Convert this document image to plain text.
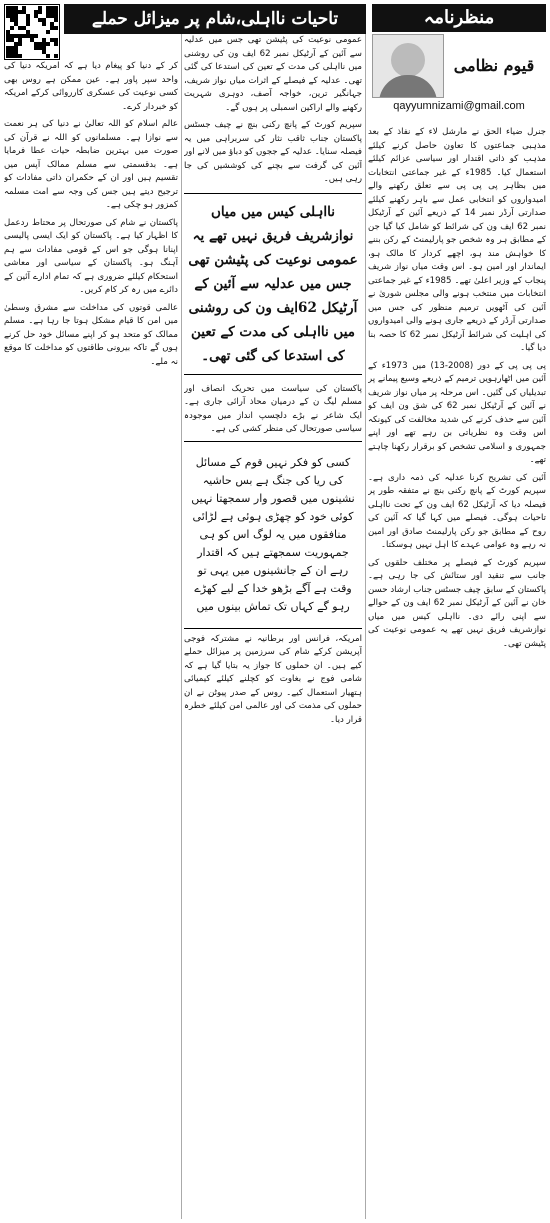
منظرنامہ
قیوم نظامی
qayyumnizami@gmail.com
تاحیات نااہلی،شام پر میزائل حملے

جنرل ضیاء الحق نے مارشل لاء کے نفاذ کے بعد مذہبی جماعتوں کا تعاون حاصل کرنے کیلئے مذہب کو ذاتی اقتدار اور سیاسی عزائم کیلئے استعمال کیا۔ 1985ء کے غیر جماعتی انتخابات میں بظاہر پی پی پی سے تعلق رکھنے والے امیدواروں کو انتخابی عمل سے باہر رکھنے کیلئے صدارتی آرڈر نمبر 14 کے ذریعے آئین کے آرٹیکل نمبر 62 ایف ون کی شرائط کو شامل کیا گیا جن کے مطابق ہر وہ شخص جو پارلیمنٹ کے رکن بننے کا خواہش مند ہو، اچھے کردار کا مالک ہو، ایماندار اور امین ہو۔ اس وقت میاں نواز شریف پنجاب کے وزیر اعلیٰ تھے۔ 1985ء کے غیر جماعتی انتخابات میں منتخب ہونے والی مجلس شوریٰ نے آئین کی آٹھویں ترمیم منظور کی جس میں صدارتی آرڈر کے ذریعے جاری ہونے والی امیدواروں کی اہلیت کی شرائط آرٹیکل نمبر 62 کا حصہ بنا دیا گیا۔

پی پی پی کے دور (2008-13) میں 1973ء کے آئین میں اٹھارہویں ترمیم کے ذریعے وسیع پیمانے پر تبدیلیاں کی گئیں۔ اس مرحلہ پر میاں نواز شریف نے آئین کے آرٹیکل نمبر 62 کی شق ون ایف کو آئین سے حذف کرنے کی شدید مخالفت کی کیونکہ اس وقت وہ نظریاتی بن رہے تھے اور اپنے جمہوری و اسلامی تشخص کو برقرار رکھنا چاہتے تھے۔

آئین کی تشریح کرنا عدلیہ کی ذمہ داری ہے۔ سپریم کورٹ کے پانچ رکنی بنچ نے متفقہ طور پر فیصلہ دیا کہ آرٹیکل 62 ایف ون کے تحت نااہلی تاحیات ہوگی۔ فیصلے میں کہا گیا کہ آئین کی روح کے مطابق جو رکن پارلیمنٹ صادق اور امین نہ رہے وہ عوامی عہدے کا اہل نہیں ہوسکتا۔

سپریم کورٹ کے فیصلے پر مختلف حلقوں کی جانب سے تنقید اور ستائش کی جا رہی ہے۔ پاکستان کے سابق چیف جسٹس جناب ارشاد حسن خان نے آئین کے آرٹیکل نمبر 62 ایف ون کے حوالے سے اپنی رائے دی۔ نااہلی کیس میں میاں نوازشریف فریق نہیں تھے یہ عمومی نوعیت کی پٹیشن تھی۔

عمومی نوعیت کی پٹیشن تھی جس میں عدلیہ سے آئین کے آرٹیکل نمبر 62 ایف ون کی روشنی میں نااہلی کی مدت کے تعین کی استدعا کی گئی تھی۔ عدلیہ کے فیصلے کے اثرات میاں نواز شریف، جہانگیر ترین، خواجہ آصف، دوہری شہریت رکھنے والے اراکین اسمبلی پر ہوں گے۔

سپریم کورٹ کے پانچ رکنی بنچ نے چیف جسٹس پاکستان جناب ثاقب نثار کی سربراہی میں یہ فیصلہ سنایا۔ عدلیہ کے ججوں کو دباؤ میں لانے اور آئین کی گرفت سے بچنے کی کوششیں کی جا رہی ہیں۔

نااہلی کیس میں میاں نوازشریف فریق نہیں تھے یہ عمومی نوعیت کی پٹیشن تھی جس میں عدلیہ سے آئین کے آرٹیکل 62ایف ون کی روشنی میں نااہلی کی مدت کے تعین کی استدعا کی گئی تھی۔

پاکستان کی سیاست میں تحریک انصاف اور مسلم لیگ ن کے درمیان محاذ آرائی جاری ہے۔ ایک شاعر نے بڑے دلچسپ انداز میں موجودہ سیاسی صورتحال کی منظر کشی کی ہے۔

کسی کو فکر نہیں قوم کے مسائل کی ریا کی جنگ ہے بس حاشیہ نشینوں میں قصور وار سمجھتا نہیں کوئی خود کو چھڑی ہوئی ہے لڑائی منافقوں میں یہ لوگ اس کو ہی جمہوریت سمجھتے ہیں کہ اقتدار رہے ان کے جانشینوں میں یہی تو وقت ہے آگے بڑھو خدا کے لیے کھڑے رہو گے کہاں تک تماش بینوں میں

امریکہ، فرانس اور برطانیہ نے مشترکہ فوجی آپریشن کرکے شام کی سرزمین پر میزائل حملے کیے ہیں۔ ان حملوں کا جواز یہ بتایا گیا ہے کہ شامی فوج نے بغاوت کو کچلنے کیلئے کیمیائی ہتھیار استعمال کیے۔ روس کے صدر پیوٹن نے ان حملوں کی مذمت کی اور عالمی امن کیلئے خطرہ قرار دیا۔

کر کے دنیا کو پیغام دیا ہے کہ امریکہ دنیا کی واحد سپر پاور ہے۔ عین ممکن ہے روس بھی کسی نوعیت کی عسکری کارروائی کرکے امریکہ کو خبردار کرے۔

عالم اسلام کو اللہ تعالیٰ نے دنیا کی ہر نعمت سے نوازا ہے۔ مسلمانوں کو اللہ نے قرآن کی صورت میں بہترین ضابطہ حیات عطا فرمایا ہے۔ بدقسمتی سے مسلم ممالک آپس میں تقسیم ہیں اور ان کے حکمران ذاتی مفادات کو ترجیح دیتے ہیں جس کی وجہ سے امت مسلمہ کمزور ہو چکی ہے۔

پاکستان نے شام کی صورتحال پر محتاط ردعمل کا اظہار کیا ہے۔ پاکستان کو ایک ایسی پالیسی اپنانا ہوگی جو اس کے قومی مفادات سے ہم آہنگ ہو۔ پاکستان کے سیاسی اور معاشی استحکام کیلئے ضروری ہے کہ تمام ادارے آئین کے دائرے میں رہ کر کام کریں۔

عالمی قوتوں کی مداخلت سے مشرق وسطیٰ میں امن کا قیام مشکل ہوتا جا رہا ہے۔ مسلم ممالک کو متحد ہو کر اپنے مسائل خود حل کرنے ہوں گے تاکہ بیرونی طاقتوں کو مداخلت کا موقع نہ ملے۔
